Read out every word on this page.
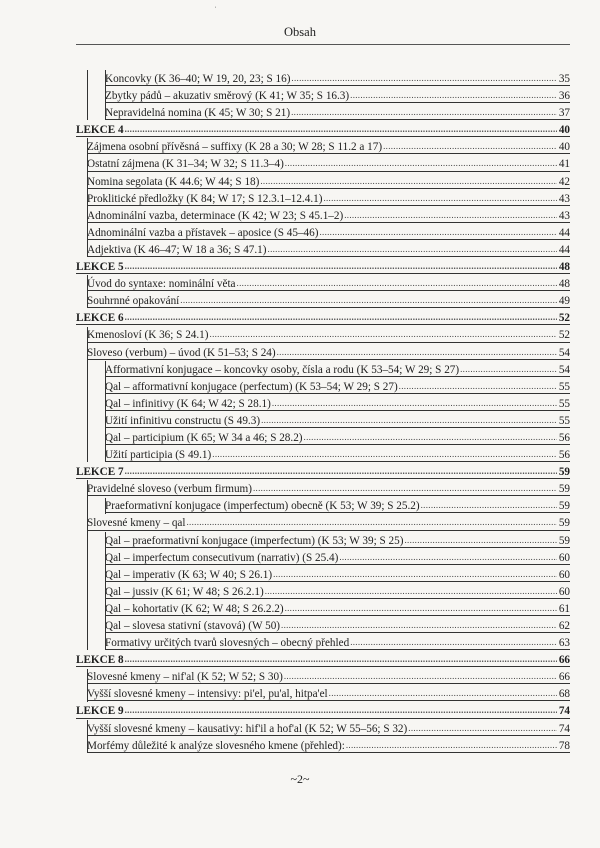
ˈ
Obsah
Koncovky (K 36–40; W 19, 20, 23; S 16) .....	35
Zbytky pádů – akuzativ směrový (K 41; W 35; S 16.3) .....	36
Nepravidelná nomina (K 45; W 30; S 21) .....	37
LEKCE 4 .....	40
Zájmena osobní přívěsná – suffixy (K 28 a 30; W 28; S 11.2 a 17) .....	40
Ostatní zájmena (K 31–34; W 32; S 11.3–4) .....	41
Nomina segolata (K 44.6; W 44; S 18) .....	42
Proklitické předložky (K 84; W 17; S 12.3.1–12.4.1) .....	43
Adnominální vazba, determinace (K 42; W 23; S 45.1–2) .....	43
Adnominální vazba a přístavek – aposice (S 45–46) .....	44
Adjektiva (K 46–47; W 18 a 36; S 47.1) .....	44
LEKCE 5 .....	48
Úvod do syntaxe: nominální věta .....	48
Souhrnné opakování .....	49
LEKCE 6 .....	52
Kmenosloví (K 36; S 24.1) .....	52
Sloveso (verbum) – úvod (K 51–53; S 24) .....	54
Afformativní konjugace – koncovky osoby, čísla a rodu (K 53–54; W 29; S 27) .....	54
Qal – afformativní konjugace (perfectum) (K 53–54; W 29; S 27) .....	55
Qal – infinitivy (K 64; W 42; S 28.1) .....	55
Užití infinitivu constructu (S 49.3) .....	55
Qal – participium (K 65; W 34 a 46; S 28.2) .....	56
Užití participia (S 49.1) .....	56
LEKCE 7 .....	59
Pravidelné sloveso (verbum firmum) .....	59
Praeformativní konjugace (imperfectum) obecně (K 53; W 39; S 25.2) .....	59
Slovesné kmeny – qal .....	59
Qal – praeformativní konjugace (imperfectum) (K 53; W 39; S 25) .....	59
Qal – imperfectum consecutivum (narrativ) (S 25.4) .....	60
Qal – imperativ (K 63; W 40; S 26.1) .....	60
Qal – jussiv (K 61; W 48; S 26.2.1) .....	60
Qal – kohortativ (K 62; W 48; S 26.2.2) .....	61
Qal – slovesa stativní (stavová) (W 50) .....	62
Formativy určitých tvarů slovesných – obecný přehled .....	63
LEKCE 8 .....	66
Slovesné kmeny – nif'al (K 52; W 52; S 30) .....	66
Vyšší slovesné kmeny – intensivy: pi'el, pu'al, hitpa'el .....	68
LEKCE 9 .....	74
Vyšší slovesné kmeny – kausativy: hif'il a hof'al (K 52; W 55–56; S 32) .....	74
Morfémy důležité k analýze slovesného kmene (přehled): .....	78
~2~
